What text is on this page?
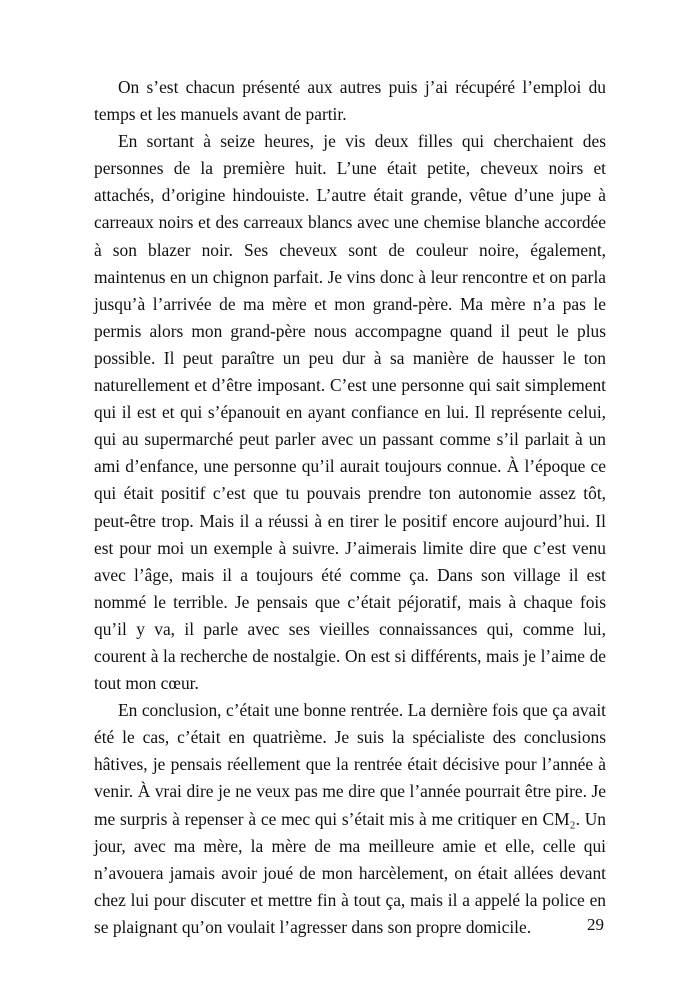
On s’est chacun présenté aux autres puis j’ai récupéré l’emploi du temps et les manuels avant de partir.

En sortant à seize heures, je vis deux filles qui cherchaient des personnes de la première huit. L’une était petite, cheveux noirs et attachés, d’origine hindouiste. L’autre était grande, vêtue d’une jupe à carreaux noirs et des carreaux blancs avec une chemise blanche accordée à son blazer noir. Ses cheveux sont de couleur noire, également, maintenus en un chignon parfait. Je vins donc à leur rencontre et on parla jusqu’à l’arrivée de ma mère et mon grand-père. Ma mère n’a pas le permis alors mon grand-père nous accompagne quand il peut le plus possible. Il peut paraître un peu dur à sa manière de hausser le ton naturellement et d’être imposant. C’est une personne qui sait simplement qui il est et qui s’épanouit en ayant confiance en lui. Il représente celui, qui au supermarché peut parler avec un passant comme s’il parlait à un ami d’enfance, une personne qu’il aurait toujours connue. À l’époque ce qui était positif c’est que tu pouvais prendre ton autonomie assez tôt, peut-être trop. Mais il a réussi à en tirer le positif encore aujourd’hui. Il est pour moi un exemple à suivre. J’aimerais limite dire que c’est venu avec l’âge, mais il a toujours été comme ça. Dans son village il est nommé le terrible. Je pensais que c’était péjoratif, mais à chaque fois qu’il y va, il parle avec ses vieilles connaissances qui, comme lui, courent à la recherche de nostalgie. On est si différents, mais je l’aime de tout mon cœur.

En conclusion, c’était une bonne rentrée. La dernière fois que ça avait été le cas, c’était en quatrième. Je suis la spécialiste des conclusions hâtives, je pensais réellement que la rentrée était décisive pour l’année à venir. À vrai dire je ne veux pas me dire que l’année pourrait être pire. Je me surpris à repenser à ce mec qui s’était mis à me critiquer en CM₂. Un jour, avec ma mère, la mère de ma meilleure amie et elle, celle qui n’avouera jamais avoir joué de mon harcèlement, on était allées devant chez lui pour discuter et mettre fin à tout ça, mais il a appelé la police en se plaignant qu’on voulait l’agresser dans son propre domicile.	29
